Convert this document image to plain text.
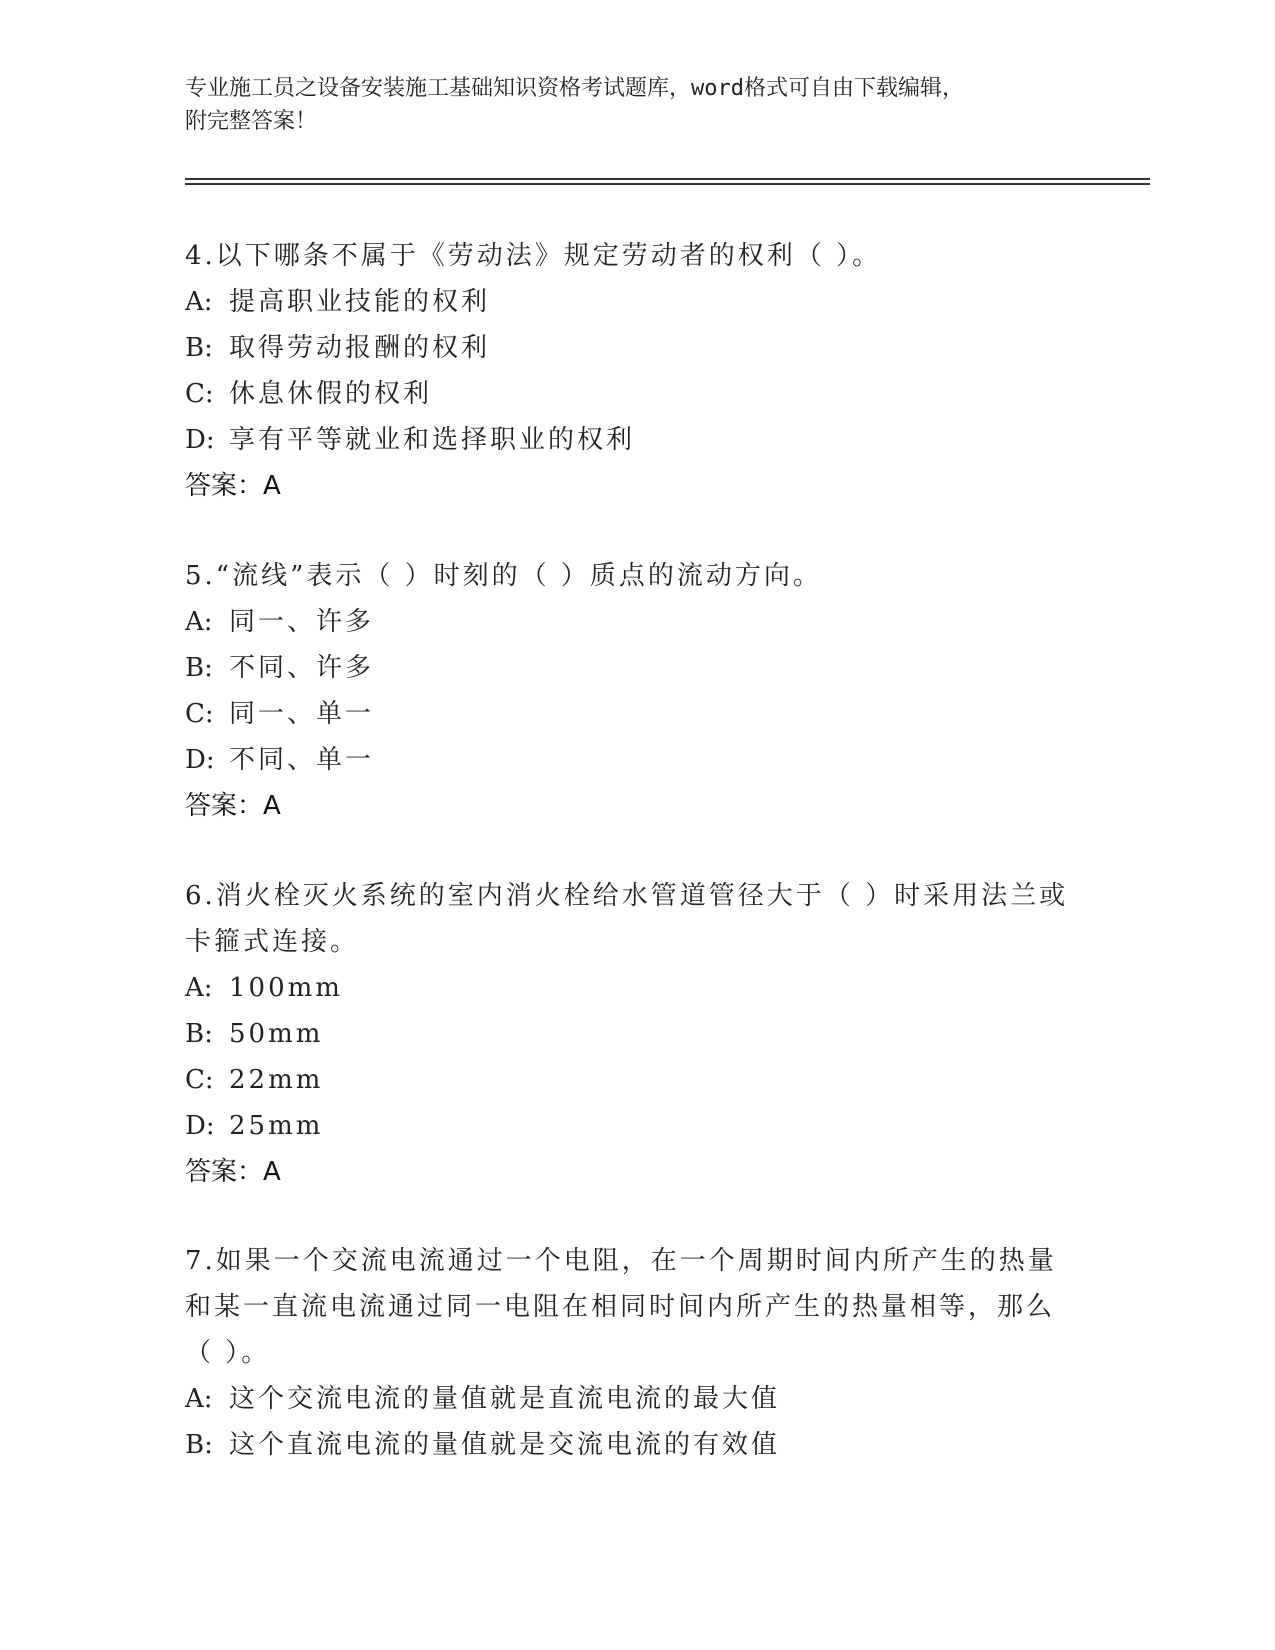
专业施工员之设备安装施工基础知识资格考试题库，word格式可自由下载编辑，
附完整答案！

4.以下哪条不属于《劳动法》规定劳动者的权利（ ）。

A: 提高职业技能的权利

B: 取得劳动报酬的权利

C: 休息休假的权利

D: 享有平等就业和选择职业的权利

答案：A

5.“流线”表示（ ）时刻的（ ）质点的流动方向。

A: 同一、许多

B: 不同、许多

C: 同一、单一

D: 不同、单一

答案：A

6.消火栓灭火系统的室内消火栓给水管道管径大于（ ）时采用法兰或

卡箍式连接。

A: 100mm

B: 50mm

C: 22mm

D: 25mm

答案：A

7.如果一个交流电流通过一个电阻，在一个周期时间内所产生的热量

和某一直流电流通过同一电阻在相同时间内所产生的热量相等，那么

（ ）。

A: 这个交流电流的量值就是直流电流的最大值

B: 这个直流电流的量值就是交流电流的有效值
